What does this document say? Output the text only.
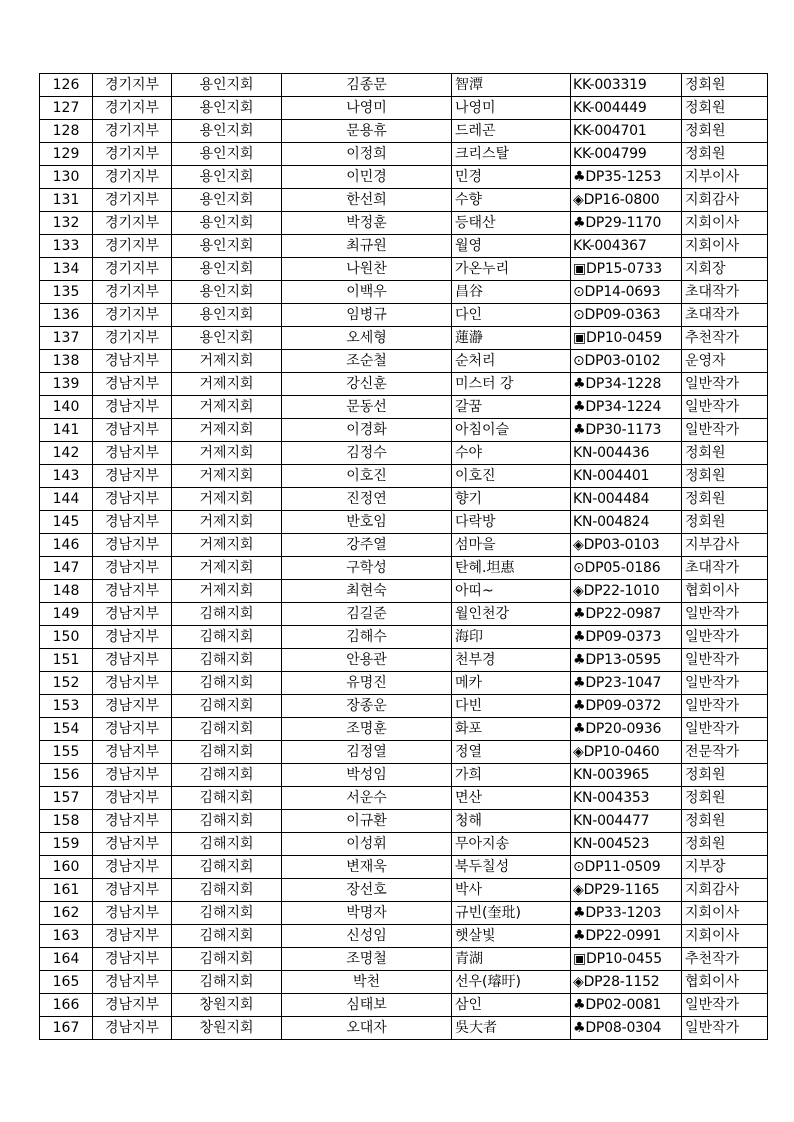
126	경기지부	용인지회	김종문	智潭	KK-003319	정회원
127	경기지부	용인지회	나영미	나영미	KK-004449	정회원
128	경기지부	용인지회	문용휴	드레곤	KK-004701	정회원
129	경기지부	용인지회	이정희	크리스탈	KK-004799	정회원
130	경기지부	용인지회	이민경	민경	♣DP35-1253	지부이사
131	경기지부	용인지회	한선희	수향	◈DP16-0800	지회감사
132	경기지부	용인지회	박정훈	등태산	♣DP29-1170	지회이사
133	경기지부	용인지회	최규원	월영	KK-004367	지회이사
134	경기지부	용인지회	나원찬	가온누리	▣DP15-0733	지회장
135	경기지부	용인지회	이백우	昌谷	⊙DP14-0693	초대작가
136	경기지부	용인지회	임병규	다인	⊙DP09-0363	초대작가
137	경기지부	용인지회	오세형	蓮瀞	▣DP10-0459	추천작가
138	경남지부	거제지회	조순철	순처리	⊙DP03-0102	운영자
139	경남지부	거제지회	강신훈	미스터 강	♣DP34-1228	일반작가
140	경남지부	거제지회	문동선	갈꿈	♣DP34-1224	일반작가
141	경남지부	거제지회	이경화	아침이슬	♣DP30-1173	일반작가
142	경남지부	거제지회	김정수	수야	KN-004436	정회원
143	경남지부	거제지회	이호진	이호진	KN-004401	정회원
144	경남지부	거제지회	진정연	향기	KN-004484	정회원
145	경남지부	거제지회	반호임	다락방	KN-004824	정회원
146	경남지부	거제지회	강주열	섬마을	◈DP03-0103	지부감사
147	경남지부	거제지회	구학성	탄혜.坦惠	⊙DP05-0186	초대작가
148	경남지부	거제지회	최현숙	아띠~	◈DP22-1010	협회이사
149	경남지부	김해지회	김길준	월인천강	♣DP22-0987	일반작가
150	경남지부	김해지회	김해수	海印	♣DP09-0373	일반작가
151	경남지부	김해지회	안용관	천부경	♣DP13-0595	일반작가
152	경남지부	김해지회	유명진	메카	♣DP23-1047	일반작가
153	경남지부	김해지회	장종운	다빈	♣DP09-0372	일반작가
154	경남지부	김해지회	조명훈	화포	♣DP20-0936	일반작가
155	경남지부	김해지회	김정열	정열	◈DP10-0460	전문작가
156	경남지부	김해지회	박성임	가희	KN-003965	정회원
157	경남지부	김해지회	서운수	면산	KN-004353	정회원
158	경남지부	김해지회	이규환	청해	KN-004477	정회원
159	경남지부	김해지회	이성휘	무아지송	KN-004523	정회원
160	경남지부	김해지회	변재욱	북두칠성	⊙DP11-0509	지부장
161	경남지부	김해지회	장선호	박사	◈DP29-1165	지회감사
162	경남지부	김해지회	박명자	규빈(奎玭)	♣DP33-1203	지회이사
163	경남지부	김해지회	신성임	햇살빛	♣DP22-0991	지회이사
164	경남지부	김해지회	조명철	青湖	▣DP10-0455	추천작가
165	경남지부	김해지회	박천	선우(璿旴)	◈DP28-1152	협회이사
166	경남지부	창원지회	심태보	삼인	♣DP02-0081	일반작가
167	경남지부	창원지회	오대자	吳大者	♣DP08-0304	일반작가
